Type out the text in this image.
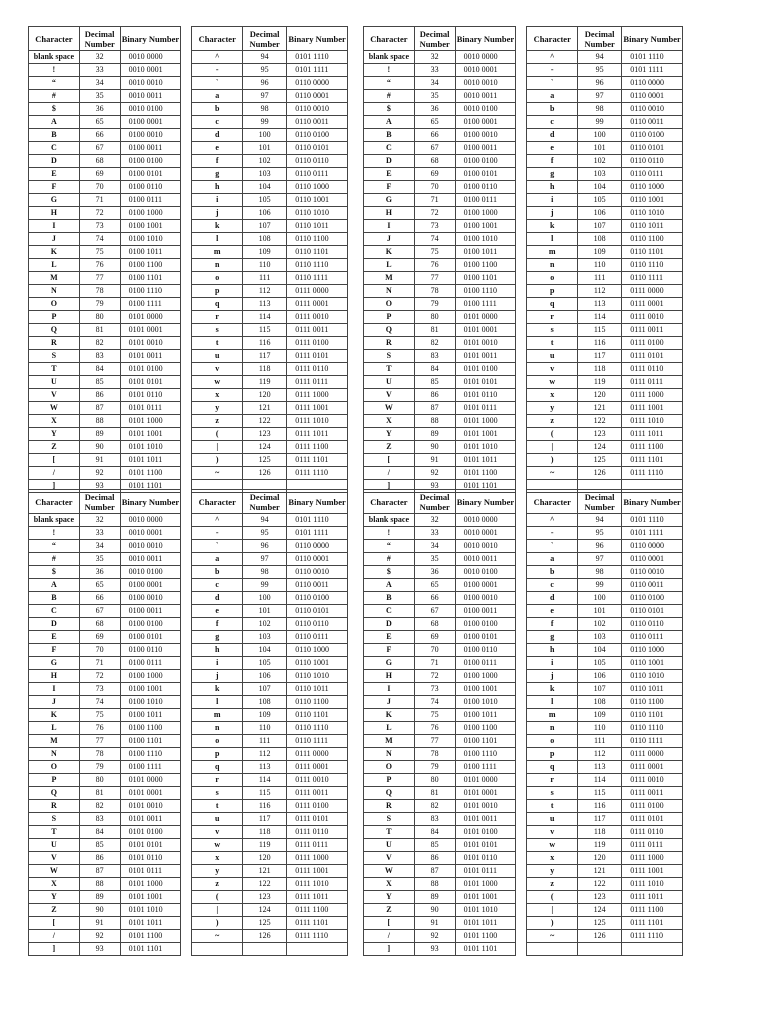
Character	Decimal Number	Binary Number		Character	Decimal Number	Binary Number
blank space	32	0010 0000		^	94	0101 1110
!	33	0010 0001		-	95	0101 1111
“	34	0010 0010		`	96	0110 0000
#	35	0010 0011		a	97	0110 0001
$	36	0010 0100		b	98	0110 0010
A	65	0100 0001		c	99	0110 0011
B	66	0100 0010		d	100	0110 0100
C	67	0100 0011		e	101	0110 0101
D	68	0100 0100		f	102	0110 0110
E	69	0100 0101		g	103	0110 0111
F	70	0100 0110		h	104	0110 1000
G	71	0100 0111		i	105	0110 1001
H	72	0100 1000		j	106	0110 1010
I	73	0100 1001		k	107	0110 1011
J	74	0100 1010		l	108	0110 1100
K	75	0100 1011		m	109	0110 1101
L	76	0100 1100		n	110	0110 1110
M	77	0100 1101		o	111	0110 1111
N	78	0100 1110		p	112	0111 0000
O	79	0100 1111		q	113	0111 0001
P	80	0101 0000		r	114	0111 0010
Q	81	0101 0001		s	115	0111 0011
R	82	0101 0010		t	116	0111 0100
S	83	0101 0011		u	117	0111 0101
T	84	0101 0100		v	118	0111 0110
U	85	0101 0101		w	119	0111 0111
V	86	0101 0110		x	120	0111 1000
W	87	0101 0111		y	121	0111 1001
X	88	0101 1000		z	122	0111 1010
Y	89	0101 1001		(	123	0111 1011
Z	90	0101 1010		|	124	0111 1100
[	91	0101 1011		)	125	0111 1101
/	92	0101 1100		~	126	0111 1110
]	93	0101 1101				
Character	Decimal Number	Binary Number		Character	Decimal Number	Binary Number
blank space	32	0010 0000		^	94	0101 1110
!	33	0010 0001		-	95	0101 1111
“	34	0010 0010		`	96	0110 0000
#	35	0010 0011		a	97	0110 0001
$	36	0010 0100		b	98	0110 0010
A	65	0100 0001		c	99	0110 0011
B	66	0100 0010		d	100	0110 0100
C	67	0100 0011		e	101	0110 0101
D	68	0100 0100		f	102	0110 0110
E	69	0100 0101		g	103	0110 0111
F	70	0100 0110		h	104	0110 1000
G	71	0100 0111		i	105	0110 1001
H	72	0100 1000		j	106	0110 1010
I	73	0100 1001		k	107	0110 1011
J	74	0100 1010		l	108	0110 1100
K	75	0100 1011		m	109	0110 1101
L	76	0100 1100		n	110	0110 1110
M	77	0100 1101		o	111	0110 1111
N	78	0100 1110		p	112	0111 0000
O	79	0100 1111		q	113	0111 0001
P	80	0101 0000		r	114	0111 0010
Q	81	0101 0001		s	115	0111 0011
R	82	0101 0010		t	116	0111 0100
S	83	0101 0011		u	117	0111 0101
T	84	0101 0100		v	118	0111 0110
U	85	0101 0101		w	119	0111 0111
V	86	0101 0110		x	120	0111 1000
W	87	0101 0111		y	121	0111 1001
X	88	0101 1000		z	122	0111 1010
Y	89	0101 1001		(	123	0111 1011
Z	90	0101 1010		|	124	0111 1100
[	91	0101 1011		)	125	0111 1101
/	92	0101 1100		~	126	0111 1110
]	93	0101 1101				
Character	Decimal Number	Binary Number		Character	Decimal Number	Binary Number
blank space	32	0010 0000		^	94	0101 1110
!	33	0010 0001		-	95	0101 1111
“	34	0010 0010		`	96	0110 0000
#	35	0010 0011		a	97	0110 0001
$	36	0010 0100		b	98	0110 0010
A	65	0100 0001		c	99	0110 0011
B	66	0100 0010		d	100	0110 0100
C	67	0100 0011		e	101	0110 0101
D	68	0100 0100		f	102	0110 0110
E	69	0100 0101		g	103	0110 0111
F	70	0100 0110		h	104	0110 1000
G	71	0100 0111		i	105	0110 1001
H	72	0100 1000		j	106	0110 1010
I	73	0100 1001		k	107	0110 1011
J	74	0100 1010		l	108	0110 1100
K	75	0100 1011		m	109	0110 1101
L	76	0100 1100		n	110	0110 1110
M	77	0100 1101		o	111	0110 1111
N	78	0100 1110		p	112	0111 0000
O	79	0100 1111		q	113	0111 0001
P	80	0101 0000		r	114	0111 0010
Q	81	0101 0001		s	115	0111 0011
R	82	0101 0010		t	116	0111 0100
S	83	0101 0011		u	117	0111 0101
T	84	0101 0100		v	118	0111 0110
U	85	0101 0101		w	119	0111 0111
V	86	0101 0110		x	120	0111 1000
W	87	0101 0111		y	121	0111 1001
X	88	0101 1000		z	122	0111 1010
Y	89	0101 1001		(	123	0111 1011
Z	90	0101 1010		|	124	0111 1100
[	91	0101 1011		)	125	0111 1101
/	92	0101 1100		~	126	0111 1110
]	93	0101 1101				
Character	Decimal Number	Binary Number		Character	Decimal Number	Binary Number
blank space	32	0010 0000		^	94	0101 1110
!	33	0010 0001		-	95	0101 1111
“	34	0010 0010		`	96	0110 0000
#	35	0010 0011		a	97	0110 0001
$	36	0010 0100		b	98	0110 0010
A	65	0100 0001		c	99	0110 0011
B	66	0100 0010		d	100	0110 0100
C	67	0100 0011		e	101	0110 0101
D	68	0100 0100		f	102	0110 0110
E	69	0100 0101		g	103	0110 0111
F	70	0100 0110		h	104	0110 1000
G	71	0100 0111		i	105	0110 1001
H	72	0100 1000		j	106	0110 1010
I	73	0100 1001		k	107	0110 1011
J	74	0100 1010		l	108	0110 1100
K	75	0100 1011		m	109	0110 1101
L	76	0100 1100		n	110	0110 1110
M	77	0100 1101		o	111	0110 1111
N	78	0100 1110		p	112	0111 0000
O	79	0100 1111		q	113	0111 0001
P	80	0101 0000		r	114	0111 0010
Q	81	0101 0001		s	115	0111 0011
R	82	0101 0010		t	116	0111 0100
S	83	0101 0011		u	117	0111 0101
T	84	0101 0100		v	118	0111 0110
U	85	0101 0101		w	119	0111 0111
V	86	0101 0110		x	120	0111 1000
W	87	0101 0111		y	121	0111 1001
X	88	0101 1000		z	122	0111 1010
Y	89	0101 1001		(	123	0111 1011
Z	90	0101 1010		|	124	0111 1100
[	91	0101 1011		)	125	0111 1101
/	92	0101 1100		~	126	0111 1110
]	93	0101 1101				
